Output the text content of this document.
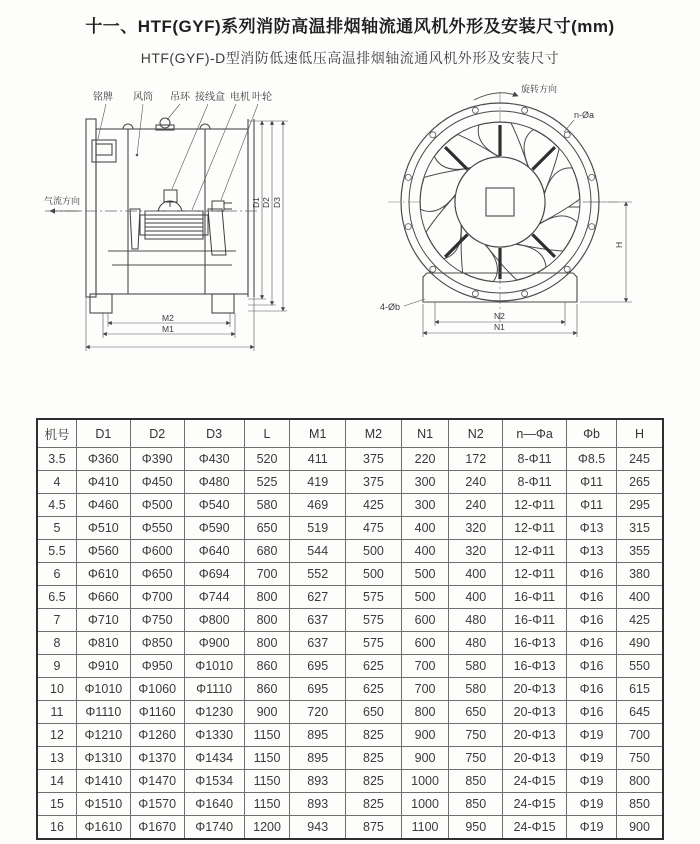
十一、HTF(GYF)系列消防高温排烟轴流通风机外形及安装尺寸(mm)
HTF(GYF)-D型消防低速低压高温排烟轴流通风机外形及安装尺寸
气流方向
铭牌 风筒 吊环 接线盒 电机 叶轮
D1 D2 D3
M2
M1
旋转方向
n-Øa
4-Øb
N2
N1
H
机号	D1	D2	D3	L	M1	M2	N1	N2	n—Φa	Φb	H
3.5	Φ360	Φ390	Φ430	520	411	375	220	172	8-Φ11	Φ8.5	245
4	Φ410	Φ450	Φ480	525	419	375	300	240	8-Φ11	Φ11	265
4.5	Φ460	Φ500	Φ540	580	469	425	300	240	12-Φ11	Φ11	295
5	Φ510	Φ550	Φ590	650	519	475	400	320	12-Φ11	Φ13	315
5.5	Φ560	Φ600	Φ640	680	544	500	400	320	12-Φ11	Φ13	355
6	Φ610	Φ650	Φ694	700	552	500	500	400	12-Φ11	Φ16	380
6.5	Φ660	Φ700	Φ744	800	627	575	500	400	16-Φ11	Φ16	400
7	Φ710	Φ750	Φ800	800	637	575	600	480	16-Φ11	Φ16	425
8	Φ810	Φ850	Φ900	800	637	575	600	480	16-Φ13	Φ16	490
9	Φ910	Φ950	Φ1010	860	695	625	700	580	16-Φ13	Φ16	550
10	Φ1010	Φ1060	Φ1110	860	695	625	700	580	20-Φ13	Φ16	615
11	Φ1110	Φ1160	Φ1230	900	720	650	800	650	20-Φ13	Φ16	645
12	Φ1210	Φ1260	Φ1330	1150	895	825	900	750	20-Φ13	Φ19	700
13	Φ1310	Φ1370	Φ1434	1150	895	825	900	750	20-Φ13	Φ19	750
14	Φ1410	Φ1470	Φ1534	1150	893	825	1000	850	24-Φ15	Φ19	800
15	Φ1510	Φ1570	Φ1640	1150	893	825	1000	850	24-Φ15	Φ19	850
16	Φ1610	Φ1670	Φ1740	1200	943	875	1100	950	24-Φ15	Φ19	900
